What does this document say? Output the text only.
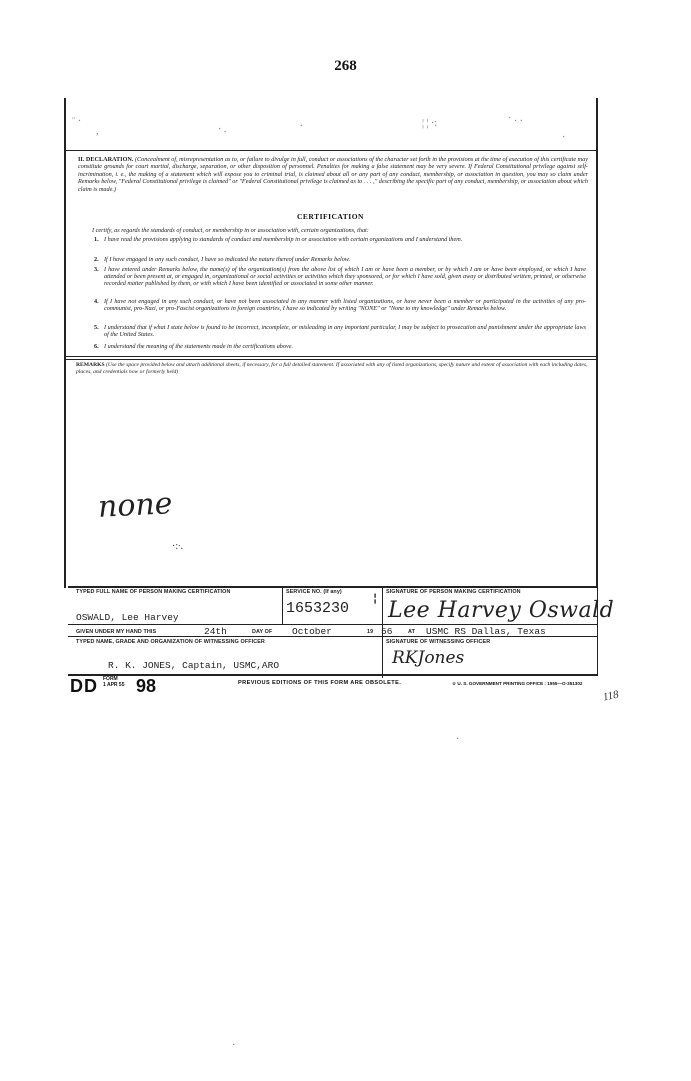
268
¨ ·
,	· .
.	¦ ¦ ·:	˙ · ·
·
II. DECLARATION. (Concealment of, misrepresentation as to, or failure to divulge in full, conduct or associations of the character set forth in the provisions at the time of execution of this certificate may constitute grounds for court martial, discharge, separation, or other disposition of personnel. Penalties for making a false statement may be very severe. If Federal Constitutional privilege against self-incrimination, i. e., the making of a statement which will expose you to criminal trial, is claimed about all or any part of any conduct, membership, or association in question, you may so claim under Remarks below, "Federal Constitutional privilege is claimed" or "Federal Constitutional privilege is claimed as to . . . ," describing the specific part of any conduct, membership, or association about which claim is made.)
CERTIFICATION
I certify, as regards the standards of conduct, or membership in or association with, certain organizations, that:
1. I have read the provisions applying to standards of conduct and membership in or association with certain organizations and I understand them.
2. If I have engaged in any such conduct, I have so indicated the nature thereof under Remarks below.
3. I have entered under Remarks below, the name(s) of the organization(s) from the above list of which I am or have been a member, or by which I am or have been employed, or which I have attended or been present at, or engaged in, organizational or social activities or activities which they sponsored, or for which I have sold, given away or distributed written, printed, or otherwise recorded matter published by them, or with which I have been identified or associated in some other manner.
4. If I have not engaged in any such conduct, or have not been associated in any manner with listed organizations, or have never been a member or participated in the activities of any pro-communist, pro-Nazi, or pro-Fascist organizations in foreign countries, I have so indicated by writing "NONE" or "None to my knowledge" under Remarks below.
5. I understand that if what I state below is found to be incorrect, incomplete, or misleading in any important particular, I may be subject to prosecution and punishment under the appropriate laws of the United States.
6. I understand the meaning of the statements made in the certifications above.
REMARKS (Use the space provided below and attach additional sheets, if necessary, for a full detailed statement. If associated with any of listed organizations, specify nature and extent of association with each including dates, places, and credentials now or formerly held)
none
·:∙.
TYPED FULL NAME OF PERSON MAKING CERTIFICATION
OSWALD, Lee Harvey
SERVICE NO. (If any)
1653230
╏
SIGNATURE OF PERSON MAKING CERTIFICATION
Lee Harvey Oswald
GIVEN UNDER MY HAND THIS	24th	DAY OF October	19 56	AT USMC RS Dallas, Texas
TYPED NAME, GRADE AND ORGANIZATION OF WITNESSING OFFICER
R. K. JONES, Captain, USMC,ARO
SIGNATURE OF WITNESSING OFFICER
RKJones
DD FORM
1 APR 55 98	PREVIOUS EDITIONS OF THIS FORM ARE OBSOLETE.	☆ U. S. GOVERNMENT PRINTING OFFICE : 1955—O-351302
118
·
·
